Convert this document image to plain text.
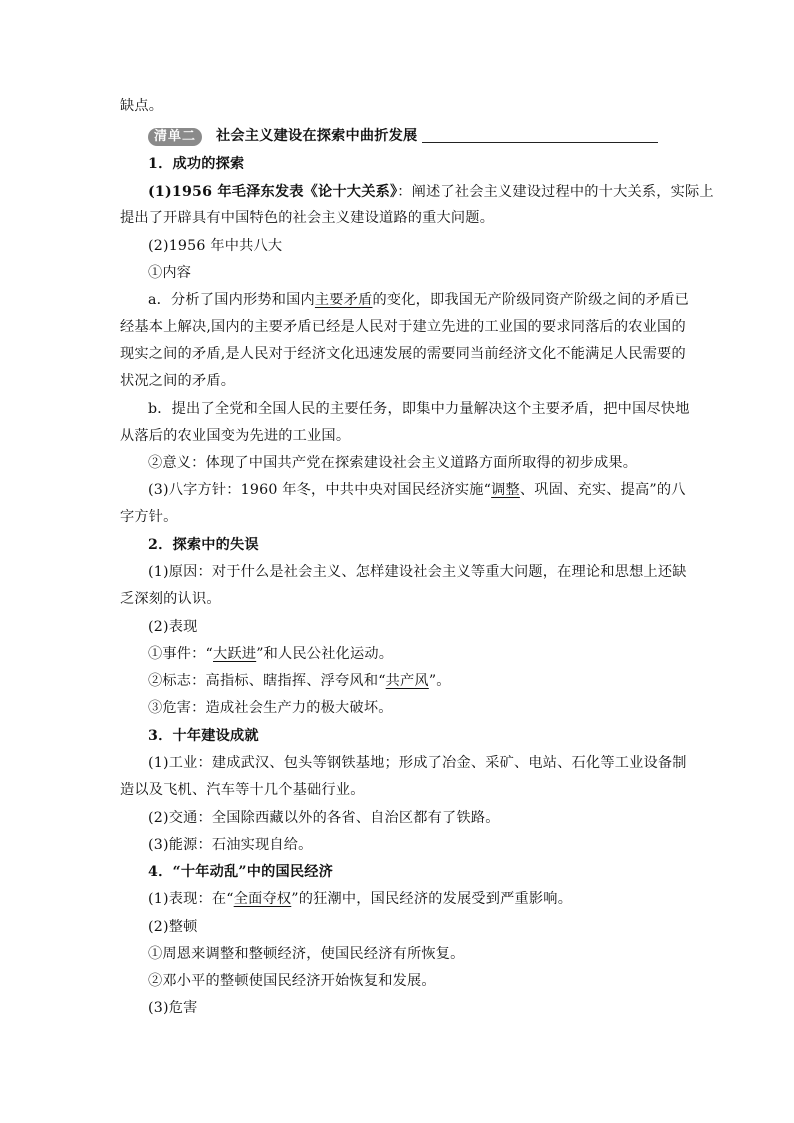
缺点。
清单二 社会主义建设在探索中曲折发展
1．成功的探索
(1)1956 年毛泽东发表《论十大关系》：阐述了社会主义建设过程中的十大关系，实际上
提出了开辟具有中国特色的社会主义建设道路的重大问题。
(2)1956 年中共八大
①内容
a．分析了国内形势和国内主要矛盾的变化，即我国无产阶级同资产阶级之间的矛盾已
经基本上解决,国内的主要矛盾已经是人民对于建立先进的工业国的要求同落后的农业国的
现实之间的矛盾,是人民对于经济文化迅速发展的需要同当前经济文化不能满足人民需要的
状况之间的矛盾。
b．提出了全党和全国人民的主要任务，即集中力量解决这个主要矛盾，把中国尽快地
从落后的农业国变为先进的工业国。
②意义：体现了中国共产党在探索建设社会主义道路方面所取得的初步成果。
(3)八字方针：1960 年冬，中共中央对国民经济实施“调整、巩固、充实、提高”的八
字方针。
2．探索中的失误
(1)原因：对于什么是社会主义、怎样建设社会主义等重大问题，在理论和思想上还缺
乏深刻的认识。
(2)表现
①事件：“大跃进”和人民公社化运动。
②标志：高指标、瞎指挥、浮夸风和“共产风”。
③危害：造成社会生产力的极大破坏。
3．十年建设成就
(1)工业：建成武汉、包头等钢铁基地；形成了冶金、采矿、电站、石化等工业设备制
造以及飞机、汽车等十几个基础行业。
(2)交通：全国除西藏以外的各省、自治区都有了铁路。
(3)能源：石油实现自给。
4．“十年动乱”中的国民经济
(1)表现：在“全面夺权”的狂潮中，国民经济的发展受到严重影响。
(2)整顿
①周恩来调整和整顿经济，使国民经济有所恢复。
②邓小平的整顿使国民经济开始恢复和发展。
(3)危害
